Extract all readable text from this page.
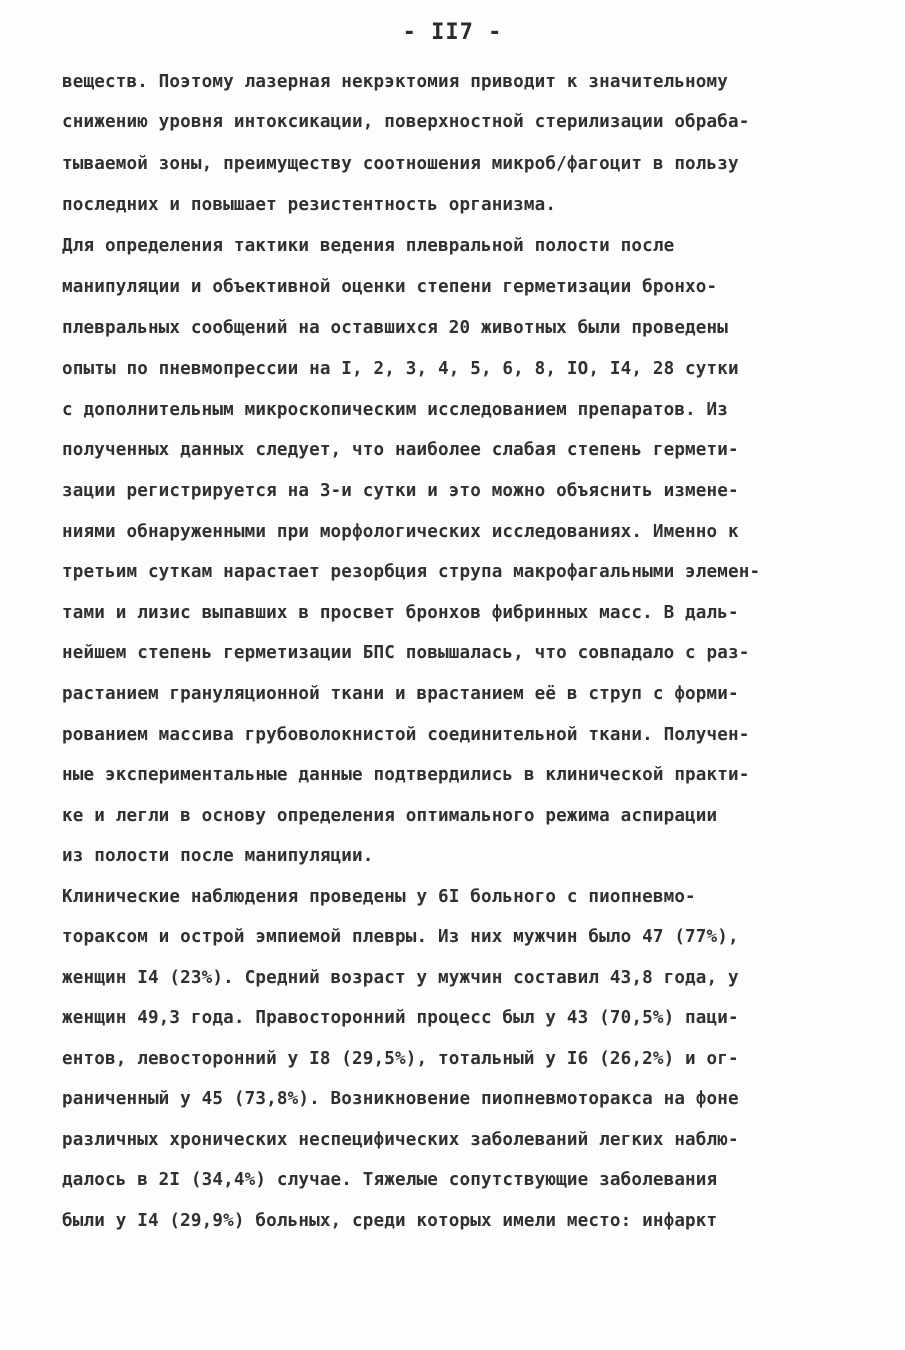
- II7 -
веществ. Поэтому лазерная некрэктомия приводит к значительному
снижению уровня интоксикации, поверхностной стерилизации обраба-
тываемой зоны, преимуществу соотношения микроб/фагоцит в пользу
последних и повышает резистентность организма.
Для определения тактики ведения плевральной полости после
манипуляции и объективной оценки степени герметизации бронхо-
плевральных сообщений на оставшихся 20 животных были проведены
опыты по пневмопрессии на I, 2, 3, 4, 5, 6, 8, IO, I4, 28 сутки
с дополнительным микроскопическим исследованием препаратов. Из
полученных данных следует, что наиболее слабая степень гермети-
зации регистрируется на 3-и сутки и это можно объяснить измене-
ниями обнаруженными при морфологических исследованиях. Именно к
третьим суткам нарастает резорбция струпа макрофагальными элемен-
тами и лизис выпавших в просвет бронхов фибринных масс. В даль-
нейшем степень герметизации БПС повышалась, что совпадало с раз-
растанием грануляционной ткани и врастанием её в струп с форми-
рованием массива грубоволокнистой соединительной ткани. Получен-
ные экспериментальные данные подтвердились в клинической практи-
ке и легли в основу определения оптимального режима аспирации
из полости после манипуляции.
Клинические наблюдения проведены у 6I больного с пиопневмо-
тораксом и острой эмпиемой плевры. Из них мужчин было 47 (77%),
женщин I4 (23%). Средний возраст у мужчин составил 43,8 года, у
женщин 49,3 года. Правосторонний процесс был у 43 (70,5%) паци-
ентов, левосторонний у I8 (29,5%), тотальный у I6 (26,2%) и ог-
раниченный у 45 (73,8%). Возникновение пиопневмоторакса на фоне
различных хронических неспецифических заболеваний легких наблю-
далось в 2I (34,4%) случае. Тяжелые сопутствующие заболевания
были у I4 (29,9%) больных, среди которых имели место: инфаркт
